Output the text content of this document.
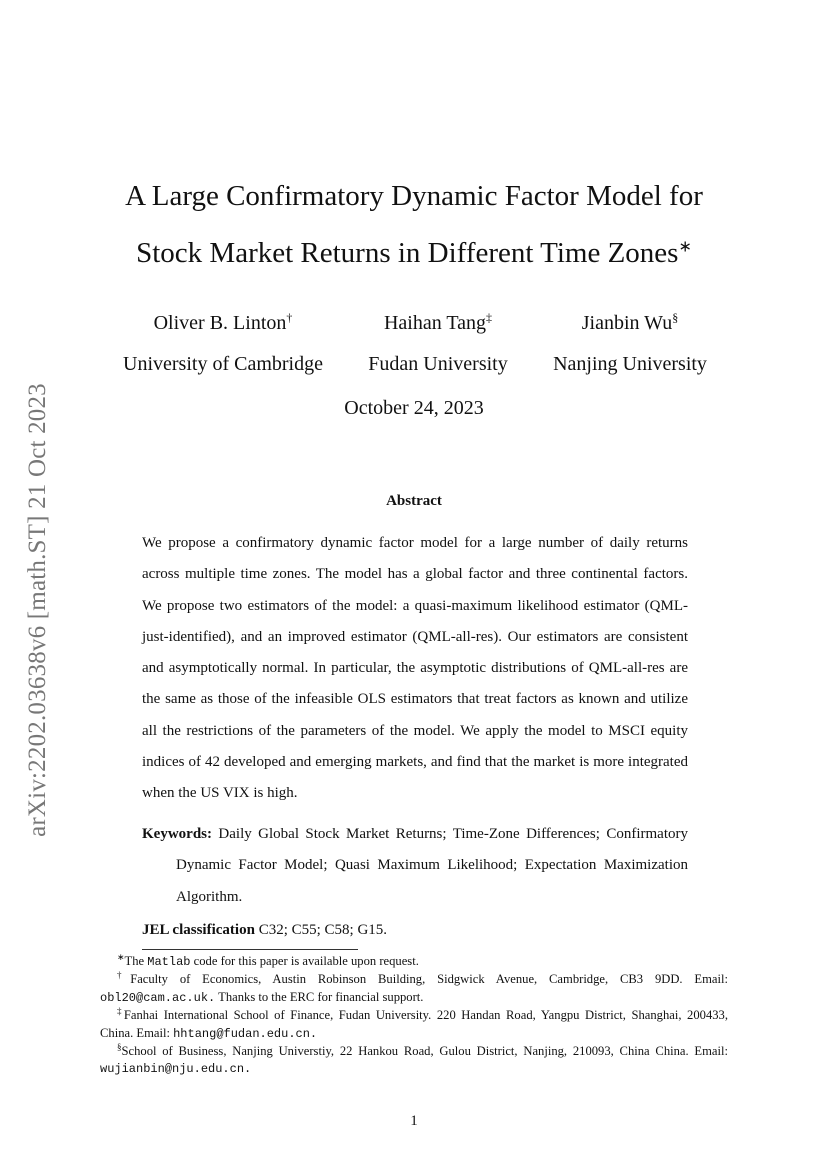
arXiv:2202.03638v6 [math.ST] 21 Oct 2023
A Large Confirmatory Dynamic Factor Model for
Stock Market Returns in Different Time Zones∗
Oliver B. Linton†	Haihan Tang‡	Jianbin Wu§
University of Cambridge	Fudan University	Nanjing University
October 24, 2023
Abstract
We propose a confirmatory dynamic factor model for a large number of daily returns across multiple time zones. The model has a global factor and three continental factors. We propose two estimators of the model: a quasi-maximum likelihood estimator (QML-just-identified), and an improved estimator (QML-all-res). Our estimators are consistent and asymptotically normal. In particular, the asymptotic distributions of QML-all-res are the same as those of the infeasible OLS estimators that treat factors as known and utilize all the restrictions of the parameters of the model. We apply the model to MSCI equity indices of 42 developed and emerging markets, and find that the market is more integrated when the US VIX is high.
Keywords: Daily Global Stock Market Returns; Time-Zone Differences; Confirmatory Dynamic Factor Model; Quasi Maximum Likelihood; Expectation Maximization Algorithm.
JEL classification C32; C55; C58; G15.

∗The Matlab code for this paper is available upon request.

†Faculty of Economics, Austin Robinson Building, Sidgwick Avenue, Cambridge, CB3 9DD. Email: obl20@cam.ac.uk. Thanks to the ERC for financial support.

‡Fanhai International School of Finance, Fudan University. 220 Handan Road, Yangpu District, Shanghai, 200433, China. Email: hhtang@fudan.edu.cn.

§School of Business, Nanjing Universtiy, 22 Hankou Road, Gulou District, Nanjing, 210093, China China. Email: wujianbin@nju.edu.cn.

1
